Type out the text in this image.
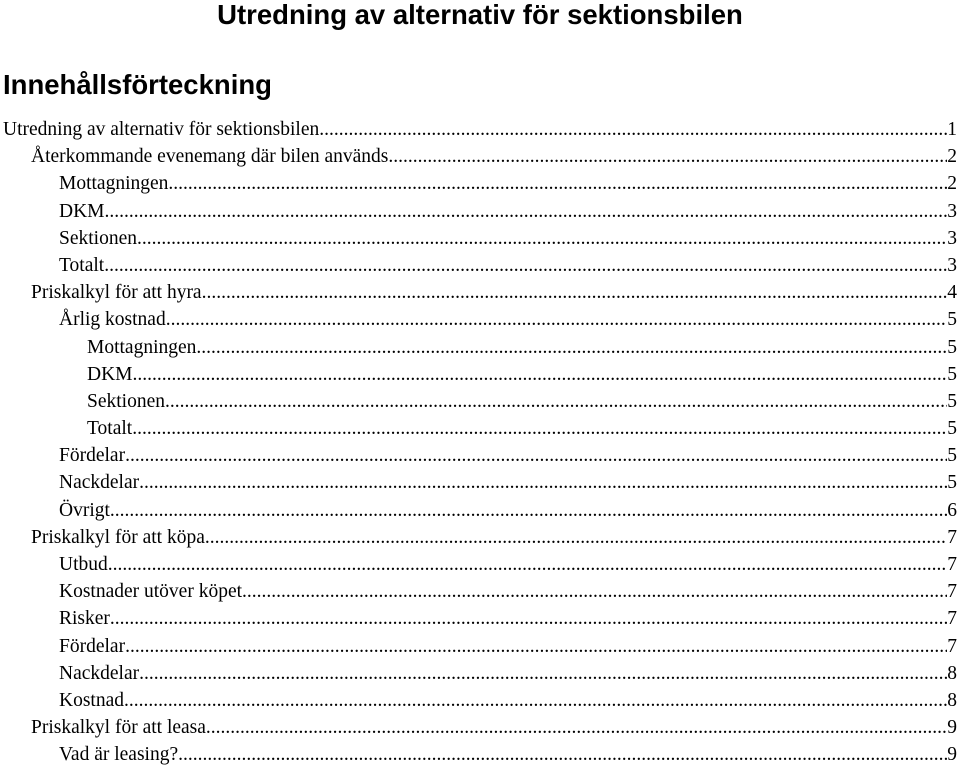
Utredning av alternativ för sektionsbilen
Innehållsförteckning
Utredning av alternativ för sektionsbilen .....	1
Återkommande evenemang där bilen används .....	2
Mottagningen .....	2
DKM .....	3
Sektionen .....	3
Totalt .....	3
Priskalkyl för att hyra .....	4
Årlig kostnad .....	5
Mottagningen .....	5
DKM .....	5
Sektionen .....	5
Totalt .....	5
Fördelar .....	5
Nackdelar .....	5
Övrigt .....	6
Priskalkyl för att köpa .....	7
Utbud .....	7
Kostnader utöver köpet .....	7
Risker .....	7
Fördelar .....	7
Nackdelar .....	8
Kostnad .....	8
Priskalkyl för att leasa .....	9
Vad är leasing? .....	9
